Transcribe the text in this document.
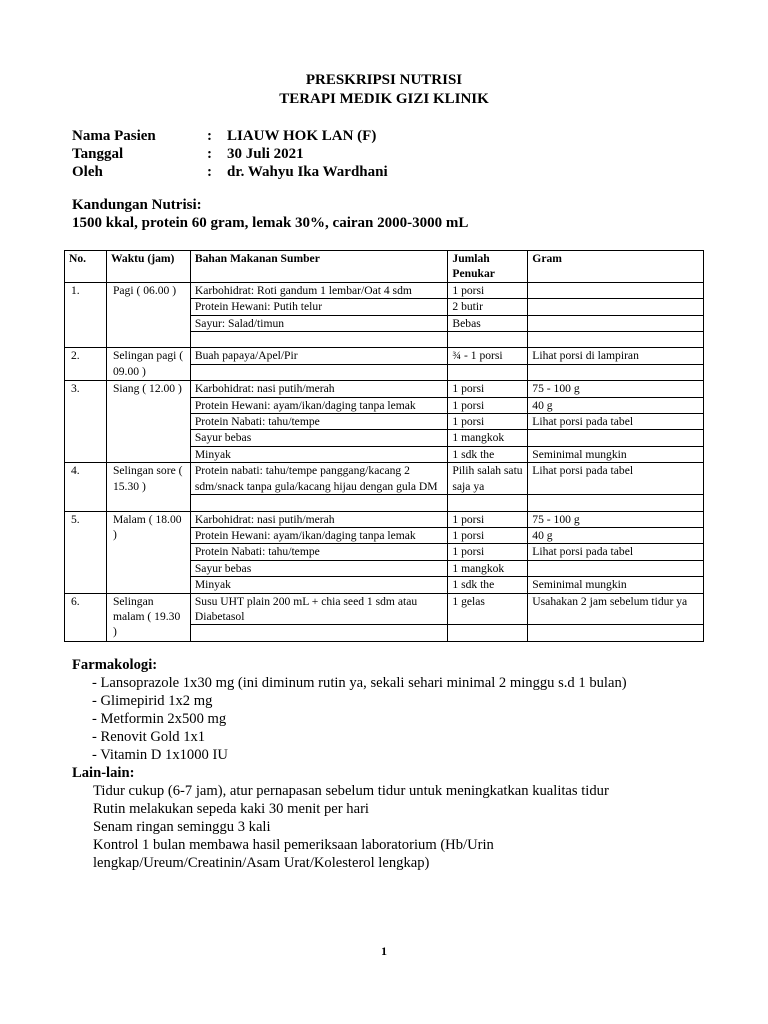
PRESKRIPSI NUTRISI
TERAPI MEDIK GIZI KLINIK
Nama Pasien	: LIAUW HOK LAN (F)
Tanggal	: 30 Juli 2021
Oleh	: dr. Wahyu Ika Wardhani
Kandungan Nutrisi:
1500 kkal, protein 60 gram, lemak 30%, cairan 2000-3000 mL
No.	Waktu (jam)	Bahan Makanan Sumber	Jumlah Penukar	Gram
1.	Pagi ( 06.00 )	Karbohidrat: Roti gandum 1 lembar/Oat 4 sdm	1 porsi	
		Protein Hewani: Putih telur	2 butir	
		Sayur: Salad/timun	Bebas	

2.	Selingan pagi ( 09.00 )	Buah papaya/Apel/Pir	¾ - 1 porsi	Lihat porsi di lampiran

3.	Siang ( 12.00 )	Karbohidrat: nasi putih/merah	1 porsi	75 - 100 g
		Protein Hewani: ayam/ikan/daging tanpa lemak	1 porsi	40 g
		Protein Nabati: tahu/tempe	1 porsi	Lihat porsi pada tabel
		Sayur bebas	1 mangkok	
		Minyak	1 sdk the	Seminimal mungkin
4.	Selingan sore ( 15.30 )	Protein nabati: tahu/tempe panggang/kacang 2 sdm/snack tanpa gula/kacang hijau dengan gula DM	Pilih salah satu saja ya	Lihat porsi pada tabel

5.	Malam ( 18.00 )	Karbohidrat: nasi putih/merah	1 porsi	75 - 100 g
		Protein Hewani: ayam/ikan/daging tanpa lemak	1 porsi	40 g
		Protein Nabati: tahu/tempe	1 porsi	Lihat porsi pada tabel
		Sayur bebas	1 mangkok	
		Minyak	1 sdk the	Seminimal mungkin
6.	Selingan malam ( 19.30 )	Susu UHT plain 200 mL + chia seed 1 sdm atau Diabetasol	1 gelas	Usahakan 2 jam sebelum tidur ya

Farmakologi:
- Lansoprazole 1x30 mg (ini diminum rutin ya, sekali sehari minimal 2 minggu s.d 1 bulan)
- Glimepirid 1x2 mg
- Metformin 2x500 mg
- Renovit Gold 1x1
- Vitamin D 1x1000 IU
Lain-lain:
Tidur cukup (6-7 jam), atur pernapasan sebelum tidur untuk meningkatkan kualitas tidur
Rutin melakukan sepeda kaki 30 menit per hari
Senam ringan seminggu 3 kali
Kontrol 1 bulan membawa hasil pemeriksaan laboratorium (Hb/Urin lengkap/Ureum/Creatinin/Asam Urat/Kolesterol lengkap)
1
